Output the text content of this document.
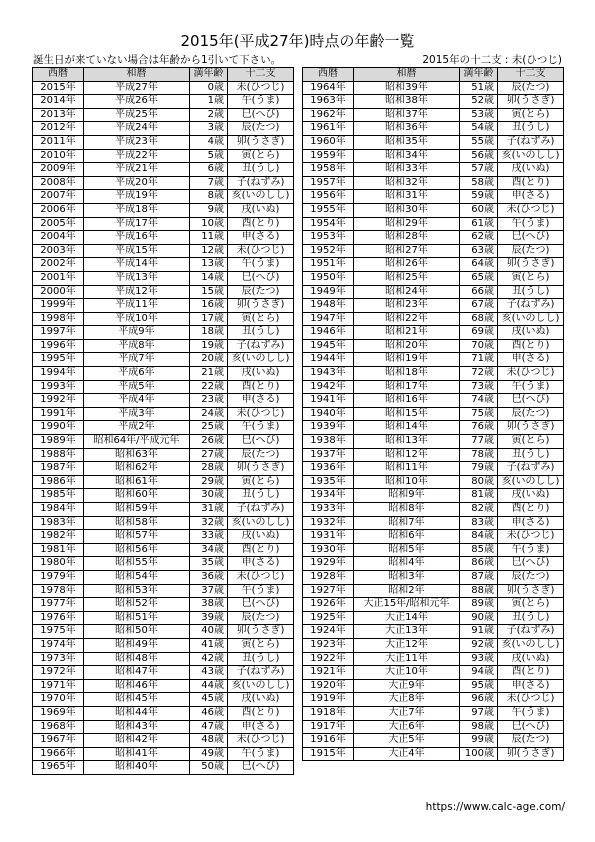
2015年(平成27年)時点の年齢一覧
誕生日が来ていない場合は年齢から1引いて下さい。	2015年の十二支 : 未(ひつじ)
西暦	和暦	満年齢	十二支
2015年	平成27年	0歳	未(ひつじ)
2014年	平成26年	1歳	午(うま)
2013年	平成25年	2歳	巳(へび)
2012年	平成24年	3歳	辰(たつ)
2011年	平成23年	4歳	卯(うさぎ)
2010年	平成22年	5歳	寅(とら)
2009年	平成21年	6歳	丑(うし)
2008年	平成20年	7歳	子(ねずみ)
2007年	平成19年	8歳	亥(いのしし)
2006年	平成18年	9歳	戌(いぬ)
2005年	平成17年	10歳	酉(とり)
2004年	平成16年	11歳	申(さる)
2003年	平成15年	12歳	未(ひつじ)
2002年	平成14年	13歳	午(うま)
2001年	平成13年	14歳	巳(へび)
2000年	平成12年	15歳	辰(たつ)
1999年	平成11年	16歳	卯(うさぎ)
1998年	平成10年	17歳	寅(とら)
1997年	平成9年	18歳	丑(うし)
1996年	平成8年	19歳	子(ねずみ)
1995年	平成7年	20歳	亥(いのしし)
1994年	平成6年	21歳	戌(いぬ)
1993年	平成5年	22歳	酉(とり)
1992年	平成4年	23歳	申(さる)
1991年	平成3年	24歳	未(ひつじ)
1990年	平成2年	25歳	午(うま)
1989年	昭和64年/平成元年	26歳	巳(へび)
1988年	昭和63年	27歳	辰(たつ)
1987年	昭和62年	28歳	卯(うさぎ)
1986年	昭和61年	29歳	寅(とら)
1985年	昭和60年	30歳	丑(うし)
1984年	昭和59年	31歳	子(ねずみ)
1983年	昭和58年	32歳	亥(いのしし)
1982年	昭和57年	33歳	戌(いぬ)
1981年	昭和56年	34歳	酉(とり)
1980年	昭和55年	35歳	申(さる)
1979年	昭和54年	36歳	未(ひつじ)
1978年	昭和53年	37歳	午(うま)
1977年	昭和52年	38歳	巳(へび)
1976年	昭和51年	39歳	辰(たつ)
1975年	昭和50年	40歳	卯(うさぎ)
1974年	昭和49年	41歳	寅(とら)
1973年	昭和48年	42歳	丑(うし)
1972年	昭和47年	43歳	子(ねずみ)
1971年	昭和46年	44歳	亥(いのしし)
1970年	昭和45年	45歳	戌(いぬ)
1969年	昭和44年	46歳	酉(とり)
1968年	昭和43年	47歳	申(さる)
1967年	昭和42年	48歳	未(ひつじ)
1966年	昭和41年	49歳	午(うま)
1965年	昭和40年	50歳	巳(へび)
西暦	和暦	満年齢	十二支
1964年	昭和39年	51歳	辰(たつ)
1963年	昭和38年	52歳	卯(うさぎ)
1962年	昭和37年	53歳	寅(とら)
1961年	昭和36年	54歳	丑(うし)
1960年	昭和35年	55歳	子(ねずみ)
1959年	昭和34年	56歳	亥(いのしし)
1958年	昭和33年	57歳	戌(いぬ)
1957年	昭和32年	58歳	酉(とり)
1956年	昭和31年	59歳	申(さる)
1955年	昭和30年	60歳	未(ひつじ)
1954年	昭和29年	61歳	午(うま)
1953年	昭和28年	62歳	巳(へび)
1952年	昭和27年	63歳	辰(たつ)
1951年	昭和26年	64歳	卯(うさぎ)
1950年	昭和25年	65歳	寅(とら)
1949年	昭和24年	66歳	丑(うし)
1948年	昭和23年	67歳	子(ねずみ)
1947年	昭和22年	68歳	亥(いのしし)
1946年	昭和21年	69歳	戌(いぬ)
1945年	昭和20年	70歳	酉(とり)
1944年	昭和19年	71歳	申(さる)
1943年	昭和18年	72歳	未(ひつじ)
1942年	昭和17年	73歳	午(うま)
1941年	昭和16年	74歳	巳(へび)
1940年	昭和15年	75歳	辰(たつ)
1939年	昭和14年	76歳	卯(うさぎ)
1938年	昭和13年	77歳	寅(とら)
1937年	昭和12年	78歳	丑(うし)
1936年	昭和11年	79歳	子(ねずみ)
1935年	昭和10年	80歳	亥(いのしし)
1934年	昭和9年	81歳	戌(いぬ)
1933年	昭和8年	82歳	酉(とり)
1932年	昭和7年	83歳	申(さる)
1931年	昭和6年	84歳	未(ひつじ)
1930年	昭和5年	85歳	午(うま)
1929年	昭和4年	86歳	巳(へび)
1928年	昭和3年	87歳	辰(たつ)
1927年	昭和2年	88歳	卯(うさぎ)
1926年	大正15年/昭和元年	89歳	寅(とら)
1925年	大正14年	90歳	丑(うし)
1924年	大正13年	91歳	子(ねずみ)
1923年	大正12年	92歳	亥(いのしし)
1922年	大正11年	93歳	戌(いぬ)
1921年	大正10年	94歳	酉(とり)
1920年	大正9年	95歳	申(さる)
1919年	大正8年	96歳	未(ひつじ)
1918年	大正7年	97歳	午(うま)
1917年	大正6年	98歳	巳(へび)
1916年	大正5年	99歳	辰(たつ)
1915年	大正4年	100歳	卯(うさぎ)
https://www.calc-age.com/
